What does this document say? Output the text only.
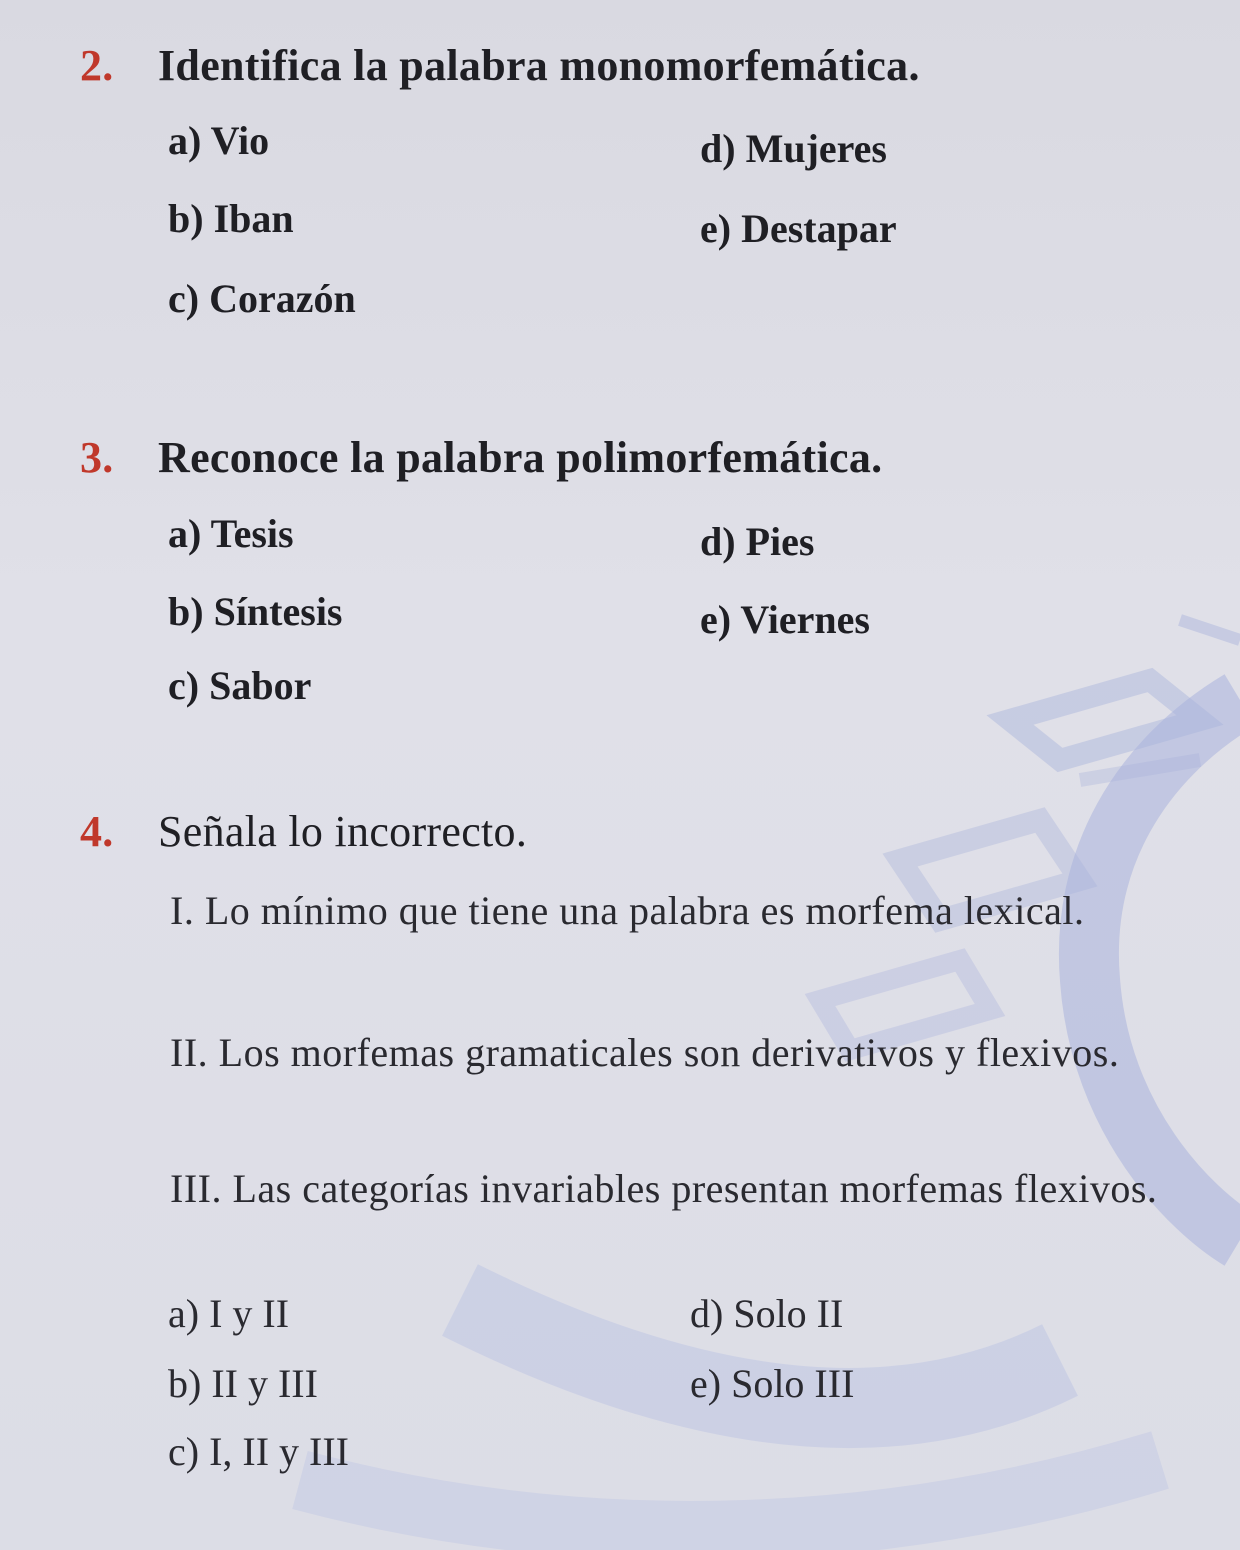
2. Identifica la palabra monomorfemática.
a) Vio	d) Mujeres
b) Iban	e) Destapar
c) Corazón
3. Reconoce la palabra polimorfemática.
a) Tesis	d) Pies
b) Síntesis	e) Viernes
c) Sabor
4. Señala lo incorrecto.
I. Lo mínimo que tiene una palabra es morfema lexical.
II. Los morfemas gramaticales son derivativos y flexivos.
III. Las categorías invariables presentan morfemas flexivos.
a) I y II	d) Solo II
b) II y III	e) Solo III
c) I, II y III
